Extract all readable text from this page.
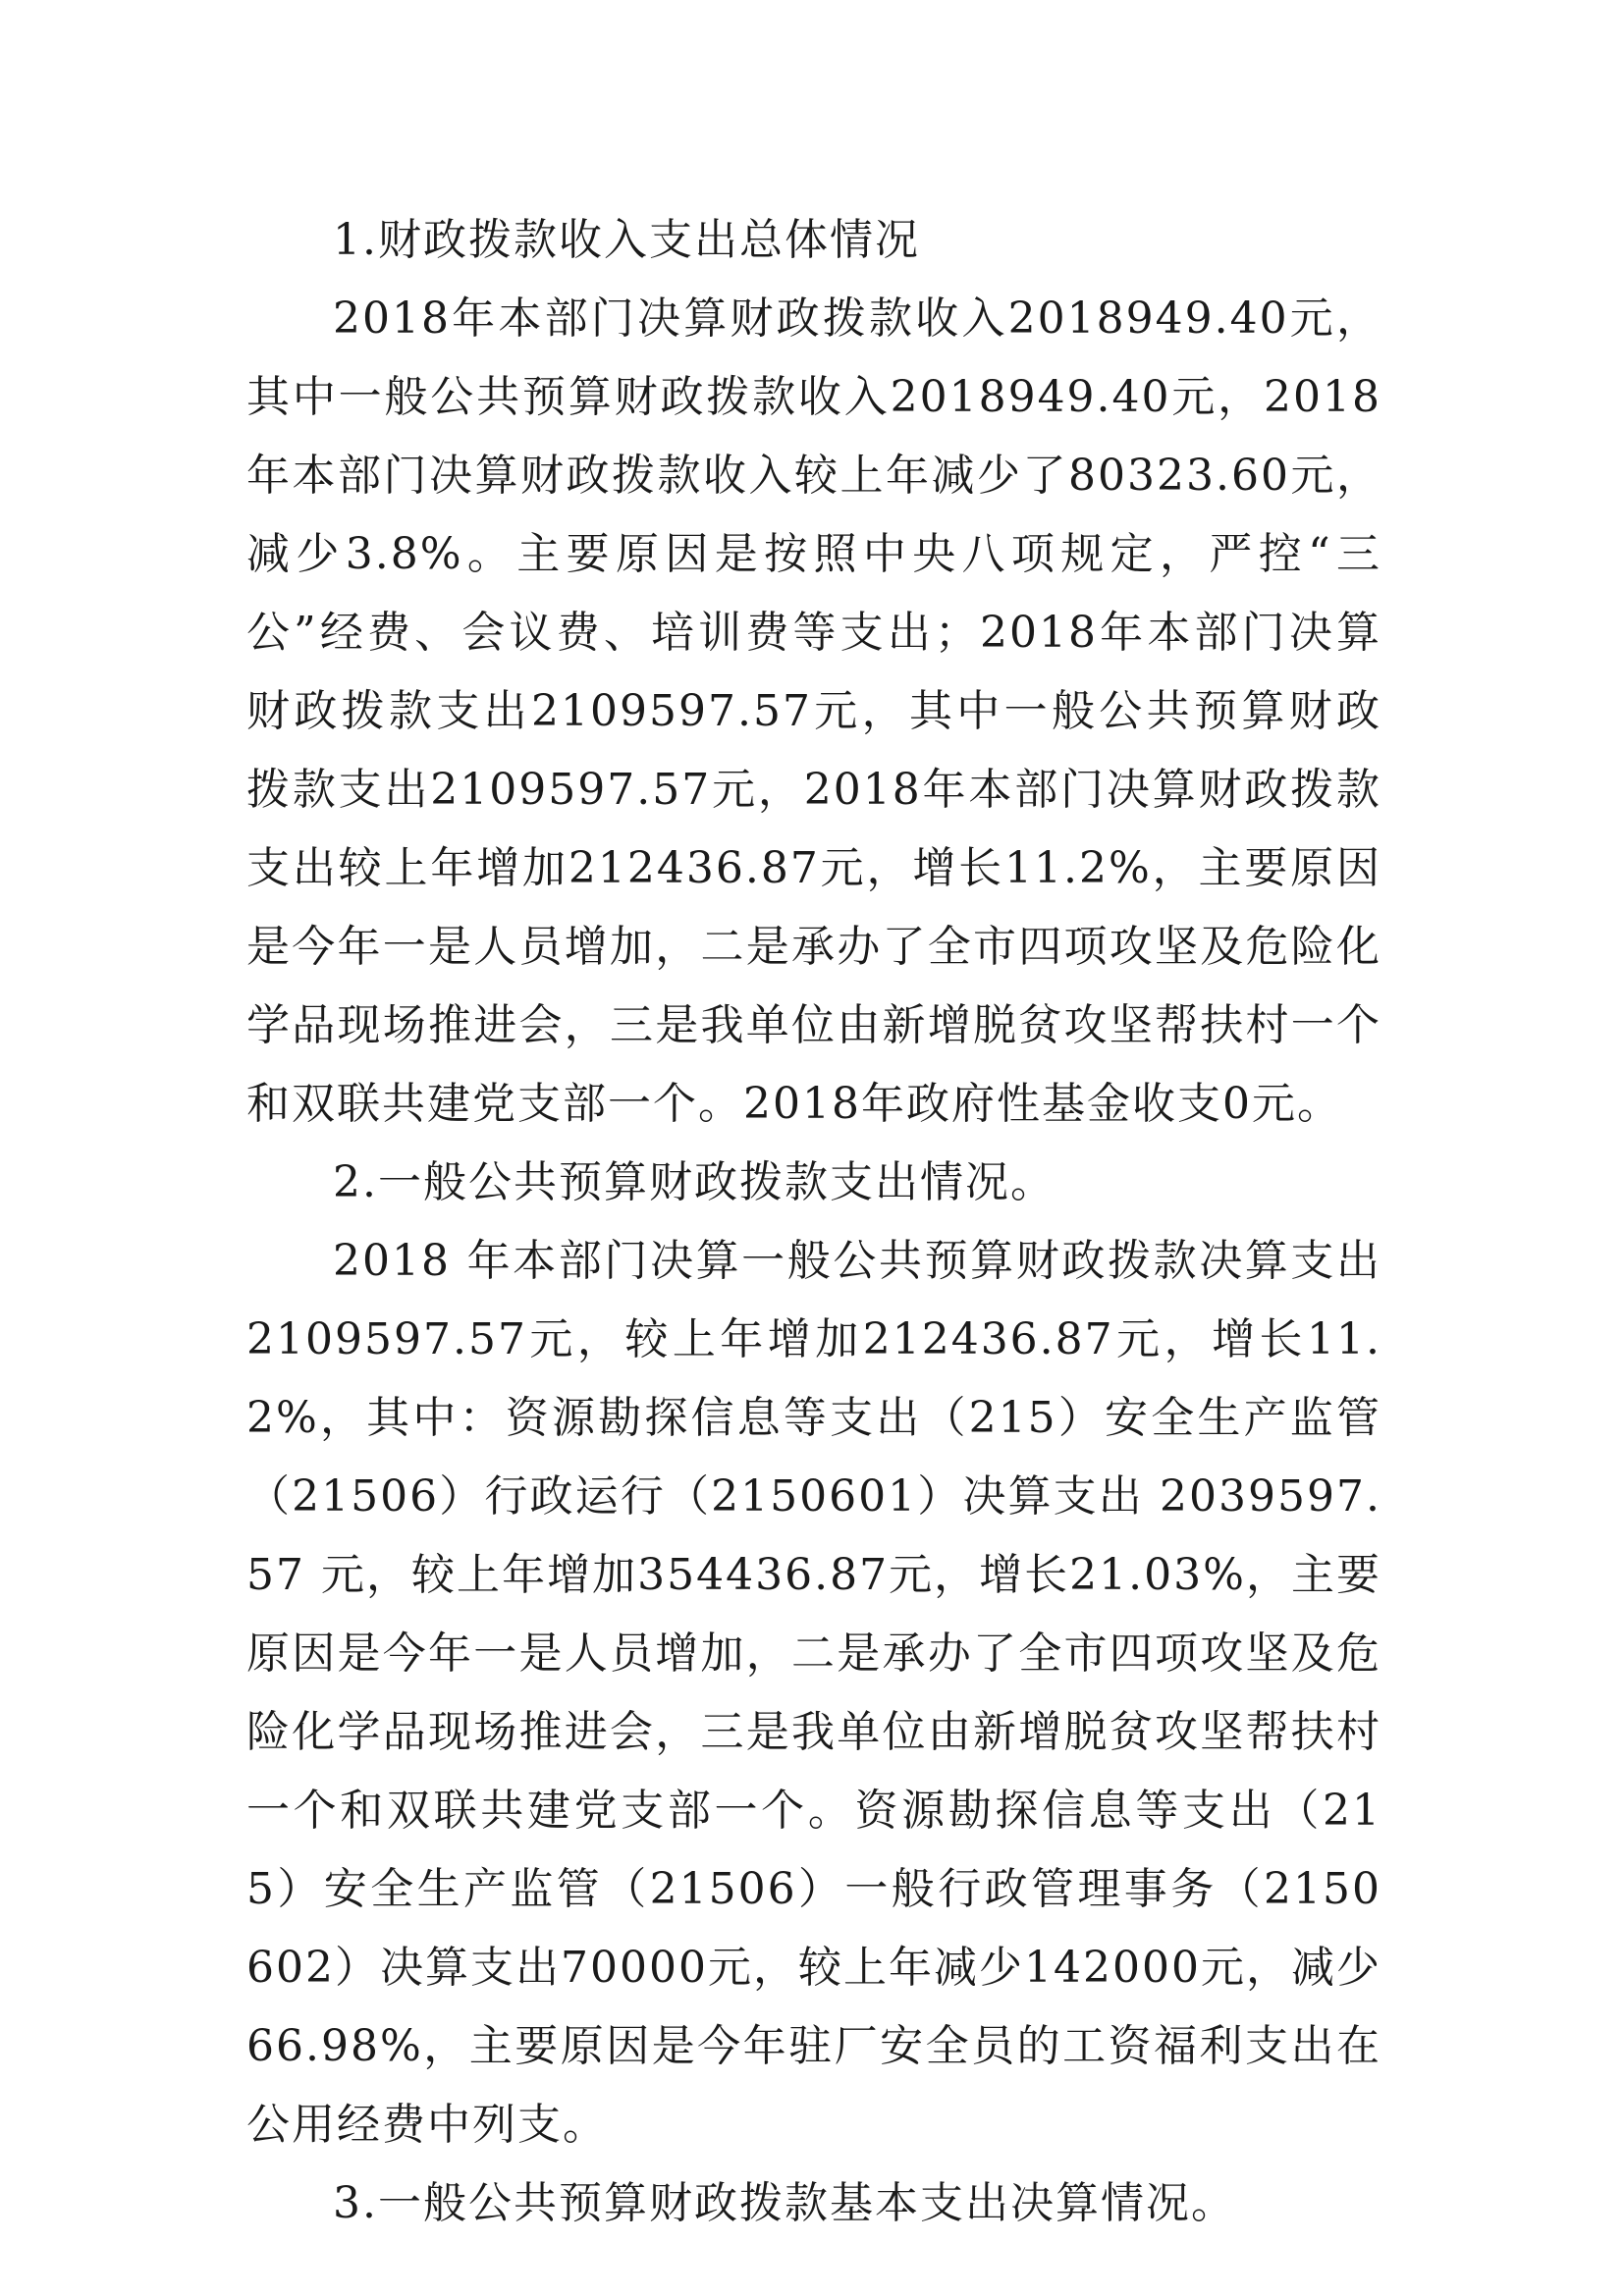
1.财政拨款收入支出总体情况

2018年本部门决算财政拨款收入2018949.40元，其中一般公共预算财政拨款收入2018949.40元，2018年本部门决算财政拨款收入较上年减少了80323.60元，减少3.8%。主要原因是按照中央八项规定，严控“三公”经费、会议费、培训费等支出；2018年本部门决算财政拨款支出2109597.57元，其中一般公共预算财政拨款支出2109597.57元，2018年本部门决算财政拨款支出较上年增加212436.87元，增长11.2%，主要原因是今年一是人员增加，二是承办了全市四项攻坚及危险化学品现场推进会，三是我单位由新增脱贫攻坚帮扶村一个和双联共建党支部一个。2018年政府性基金收支0元。

2.一般公共预算财政拨款支出情况。

2018 年本部门决算一般公共预算财政拨款决算支出2109597.57元，较上年增加212436.87元，增长11.2%，其中：资源勘探信息等支出（215）安全生产监管（21506）行政运行（2150601）决算支出 2039597.57 元，较上年增加354436.87元，增长21.03%，主要原因是今年一是人员增加，二是承办了全市四项攻坚及危险化学品现场推进会，三是我单位由新增脱贫攻坚帮扶村一个和双联共建党支部一个。资源勘探信息等支出（215）安全生产监管（21506）一般行政管理事务（2150602）决算支出70000元，较上年减少142000元，减少 66.98%，主要原因是今年驻厂安全员的工资福利支出在公用经费中列支。

3.一般公共预算财政拨款基本支出决算情况。
